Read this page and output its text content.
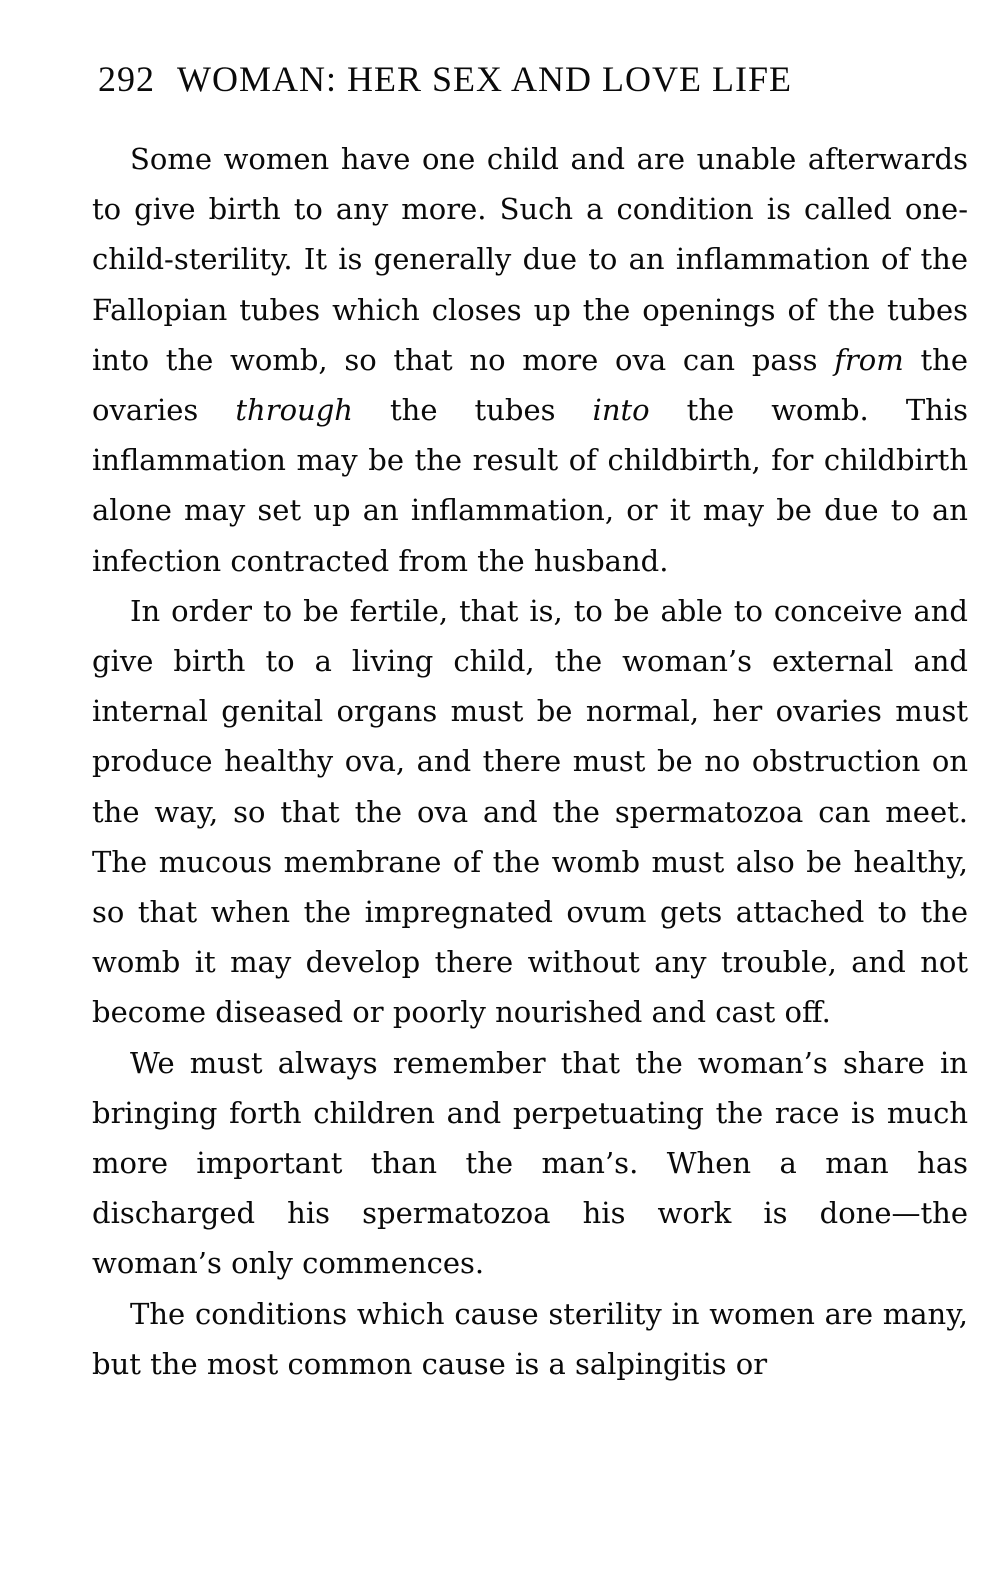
292 WOMAN: HER SEX AND LOVE LIFE

Some women have one child and are unable afterwards to give birth to any more. Such a condition is called one-child-sterility. It is generally due to an inflammation of the Fallopian tubes which closes up the openings of the tubes into the womb, so that no more ova can pass from the ovaries through the tubes into the womb. This inflammation may be the result of childbirth, for childbirth alone may set up an inflammation, or it may be due to an infection contracted from the husband.

In order to be fertile, that is, to be able to conceive and give birth to a living child, the woman’s external and internal genital organs must be normal, her ovaries must produce healthy ova, and there must be no obstruction on the way, so that the ova and the spermatozoa can meet. The mucous membrane of the womb must also be healthy, so that when the impregnated ovum gets attached to the womb it may develop there without any trouble, and not become diseased or poorly nourished and cast off.

We must always remember that the woman’s share in bringing forth children and perpetuating the race is much more important than the man’s. When a man has discharged his spermatozoa his work is done—the woman’s only commences.

The conditions which cause sterility in women are many, but the most common cause is a salpingitis or
